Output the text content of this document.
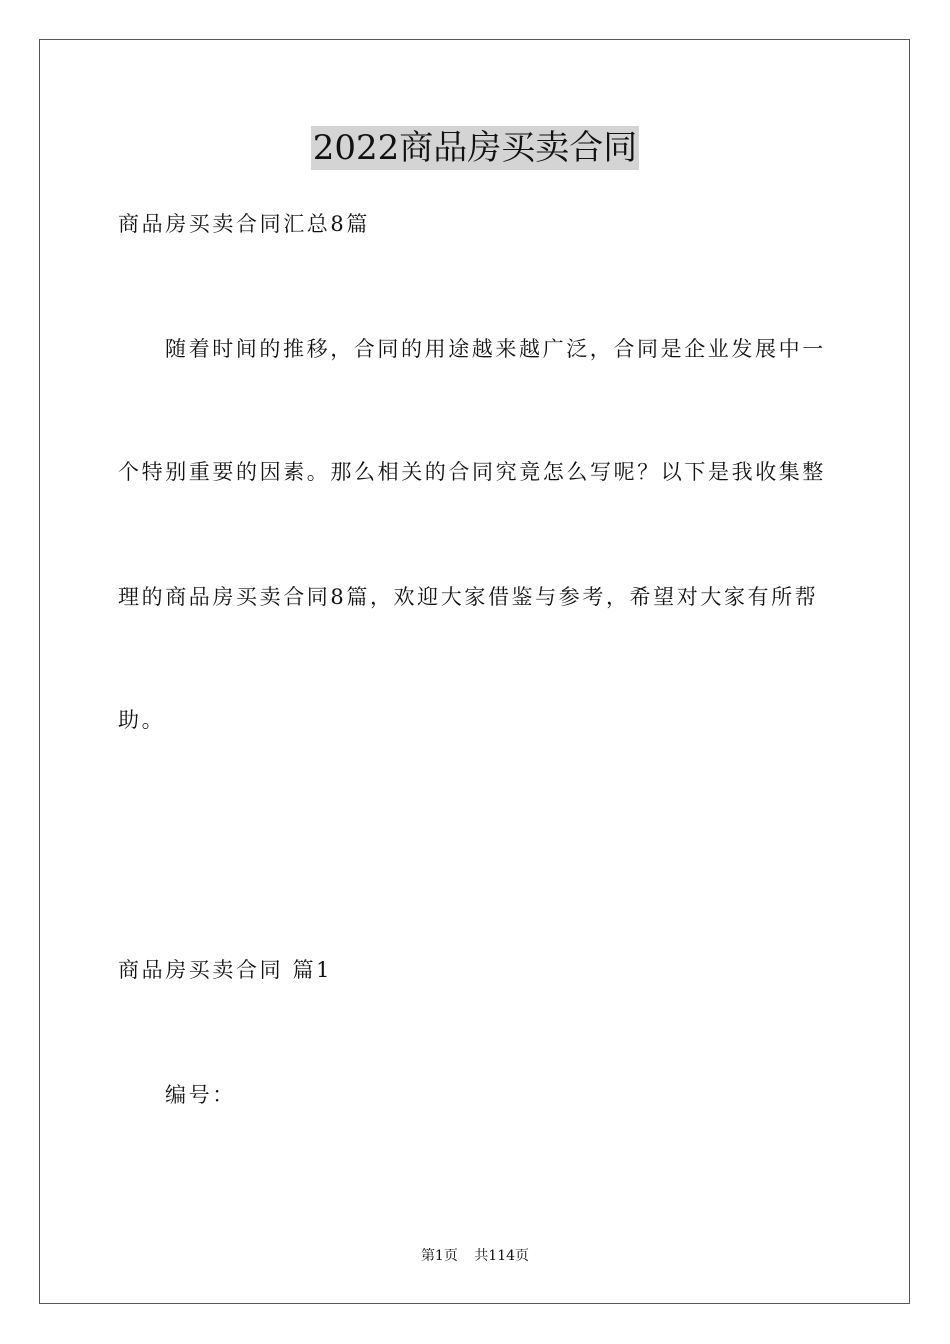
2022商品房买卖合同
商品房买卖合同汇总8篇
随着时间的推移，合同的用途越来越广泛，合同是企业发展中一
个特别重要的因素。那么相关的合同究竟怎么写呢？以下是我收集整
理的商品房买卖合同8篇，欢迎大家借鉴与参考，希望对大家有所帮
助。
商品房买卖合同 篇1
编号：
第1页 共114页
